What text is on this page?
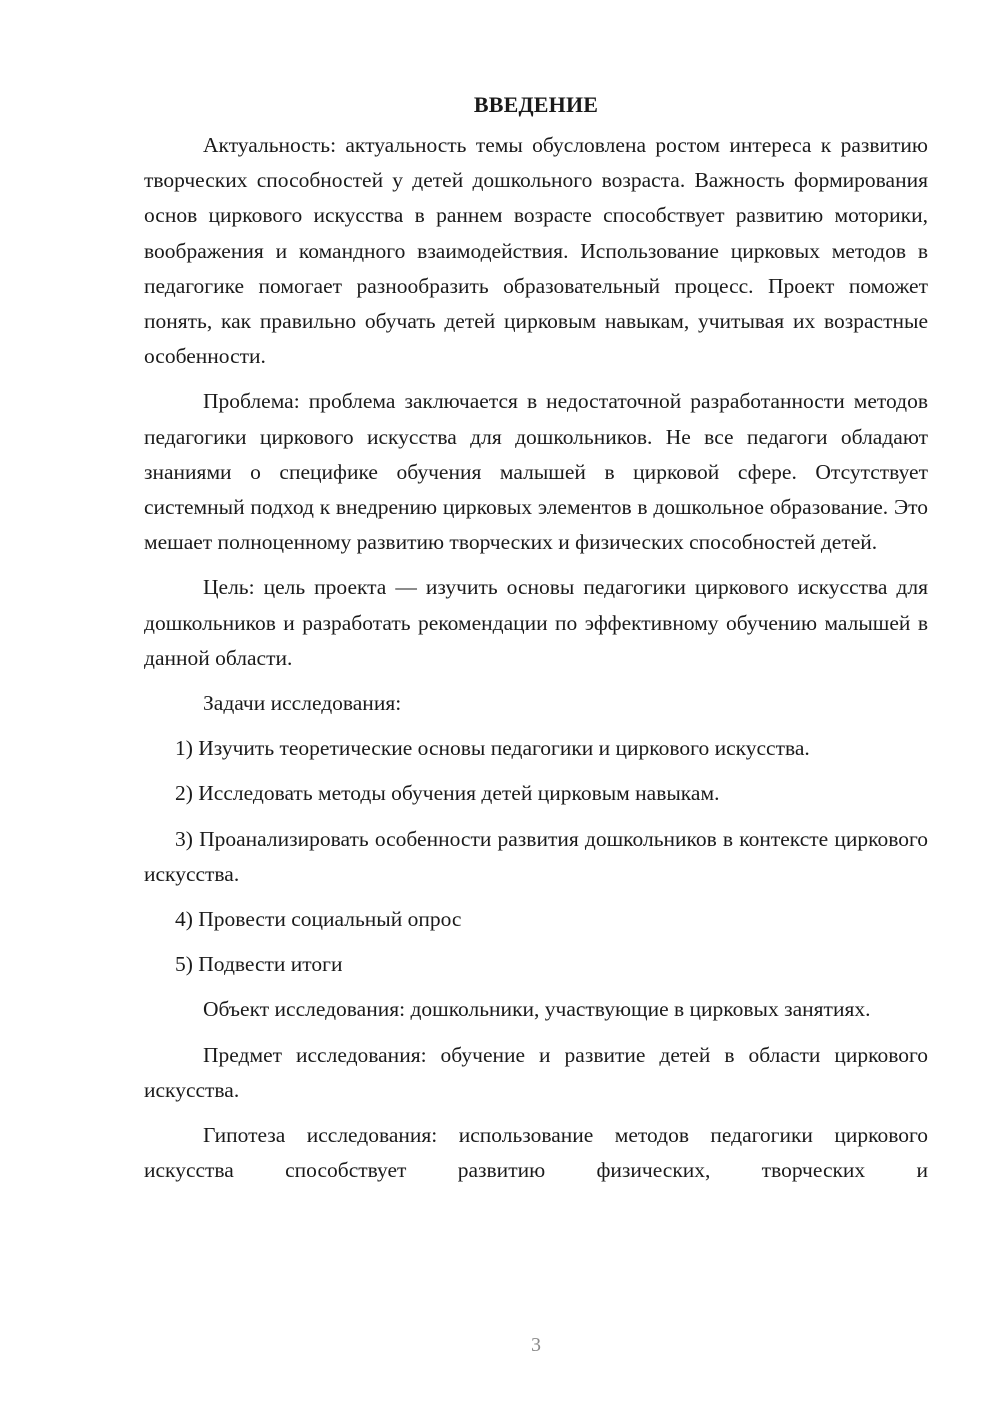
ВВЕДЕНИЕ

Актуальность: актуальность темы обусловлена ростом интереса к развитию творческих способностей у детей дошкольного возраста. Важность формирования основ циркового искусства в раннем возрасте способствует развитию моторики, воображения и командного взаимодействия. Использование цирковых методов в педагогике помогает разнообразить образовательный процесс. Проект поможет понять, как правильно обучать детей цирковым навыкам, учитывая их возрастные особенности.

Проблема: проблема заключается в недостаточной разработанности методов педагогики циркового искусства для дошкольников. Не все педагоги обладают знаниями о специфике обучения малышей в цирковой сфере. Отсутствует системный подход к внедрению цирковых элементов в дошкольное образование. Это мешает полноценному развитию творческих и физических способностей детей.

Цель: цель проекта — изучить основы педагогики циркового искусства для дошкольников и разработать рекомендации по эффективному обучению малышей в данной области.

Задачи исследования:

1) Изучить теоретические основы педагогики и циркового искусства.

2) Исследовать методы обучения детей цирковым навыкам.

3) Проанализировать особенности развития дошкольников в контексте циркового искусства.

4) Провести социальный опрос

5) Подвести итоги

Объект исследования: дошкольники, участвующие в цирковых занятиях.

Предмет исследования: обучение и развитие детей в области циркового искусства.

Гипотеза исследования: использование методов педагогики циркового искусства способствует развитию физических, творческих и

3
